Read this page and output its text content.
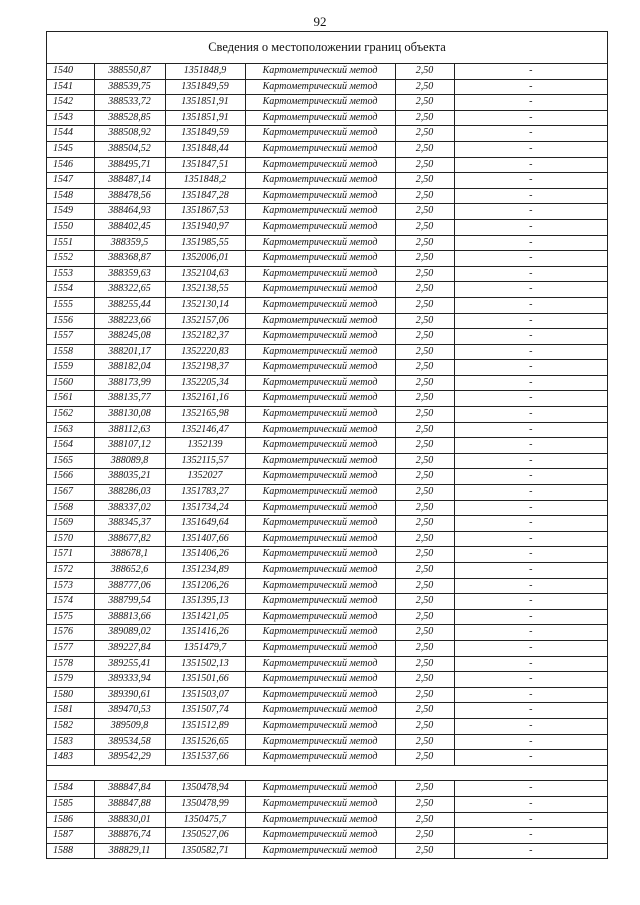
92
Сведения о местоположении границ объекта
1540	388550,87	1351848,9	Картометрический метод	2,50	-
1541	388539,75	1351849,59	Картометрический метод	2,50	-
1542	388533,72	1351851,91	Картометрический метод	2,50	-
1543	388528,85	1351851,91	Картометрический метод	2,50	-
1544	388508,92	1351849,59	Картометрический метод	2,50	-
1545	388504,52	1351848,44	Картометрический метод	2,50	-
1546	388495,71	1351847,51	Картометрический метод	2,50	-
1547	388487,14	1351848,2	Картометрический метод	2,50	-
1548	388478,56	1351847,28	Картометрический метод	2,50	-
1549	388464,93	1351867,53	Картометрический метод	2,50	-
1550	388402,45	1351940,97	Картометрический метод	2,50	-
1551	388359,5	1351985,55	Картометрический метод	2,50	-
1552	388368,87	1352006,01	Картометрический метод	2,50	-
1553	388359,63	1352104,63	Картометрический метод	2,50	-
1554	388322,65	1352138,55	Картометрический метод	2,50	-
1555	388255,44	1352130,14	Картометрический метод	2,50	-
1556	388223,66	1352157,06	Картометрический метод	2,50	-
1557	388245,08	1352182,37	Картометрический метод	2,50	-
1558	388201,17	1352220,83	Картометрический метод	2,50	-
1559	388182,04	1352198,37	Картометрический метод	2,50	-
1560	388173,99	1352205,34	Картометрический метод	2,50	-
1561	388135,77	1352161,16	Картометрический метод	2,50	-
1562	388130,08	1352165,98	Картометрический метод	2,50	-
1563	388112,63	1352146,47	Картометрический метод	2,50	-
1564	388107,12	1352139	Картометрический метод	2,50	-
1565	388089,8	1352115,57	Картометрический метод	2,50	-
1566	388035,21	1352027	Картометрический метод	2,50	-
1567	388286,03	1351783,27	Картометрический метод	2,50	-
1568	388337,02	1351734,24	Картометрический метод	2,50	-
1569	388345,37	1351649,64	Картометрический метод	2,50	-
1570	388677,82	1351407,66	Картометрический метод	2,50	-
1571	388678,1	1351406,26	Картометрический метод	2,50	-
1572	388652,6	1351234,89	Картометрический метод	2,50	-
1573	388777,06	1351206,26	Картометрический метод	2,50	-
1574	388799,54	1351395,13	Картометрический метод	2,50	-
1575	388813,66	1351421,05	Картометрический метод	2,50	-
1576	389089,02	1351416,26	Картометрический метод	2,50	-
1577	389227,84	1351479,7	Картометрический метод	2,50	-
1578	389255,41	1351502,13	Картометрический метод	2,50	-
1579	389333,94	1351501,66	Картометрический метод	2,50	-
1580	389390,61	1351503,07	Картометрический метод	2,50	-
1581	389470,53	1351507,74	Картометрический метод	2,50	-
1582	389509,8	1351512,89	Картометрический метод	2,50	-
1583	389534,58	1351526,65	Картометрический метод	2,50	-
1483	389542,29	1351537,66	Картометрический метод	2,50	-

1584	388847,84	1350478,94	Картометрический метод	2,50	-
1585	388847,88	1350478,99	Картометрический метод	2,50	-
1586	388830,01	1350475,7	Картометрический метод	2,50	-
1587	388876,74	1350527,06	Картометрический метод	2,50	-
1588	388829,11	1350582,71	Картометрический метод	2,50	-
